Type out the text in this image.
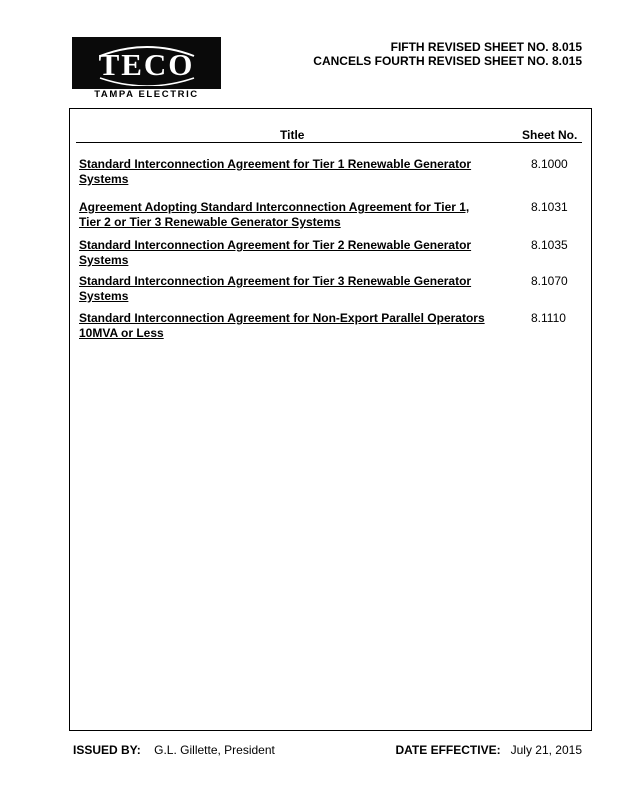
TECO
TAMPA ELECTRIC
FIFTH REVISED SHEET NO. 8.015
CANCELS FOURTH REVISED SHEET NO. 8.015
Title	Sheet No.
Standard Interconnection Agreement for Tier 1 Renewable Generator Systems
8.1000
Agreement Adopting Standard Interconnection Agreement for Tier 1, Tier 2 or Tier 3 Renewable Generator Systems
8.1031
Standard Interconnection Agreement for Tier 2 Renewable Generator Systems
8.1035
Standard Interconnection Agreement for Tier 3 Renewable Generator Systems
8.1070
Standard Interconnection Agreement for Non-Export Parallel Operators 10MVA or Less
8.1110
ISSUED BY: G.L. Gillette, President	DATE EFFECTIVE: July 21, 2015
